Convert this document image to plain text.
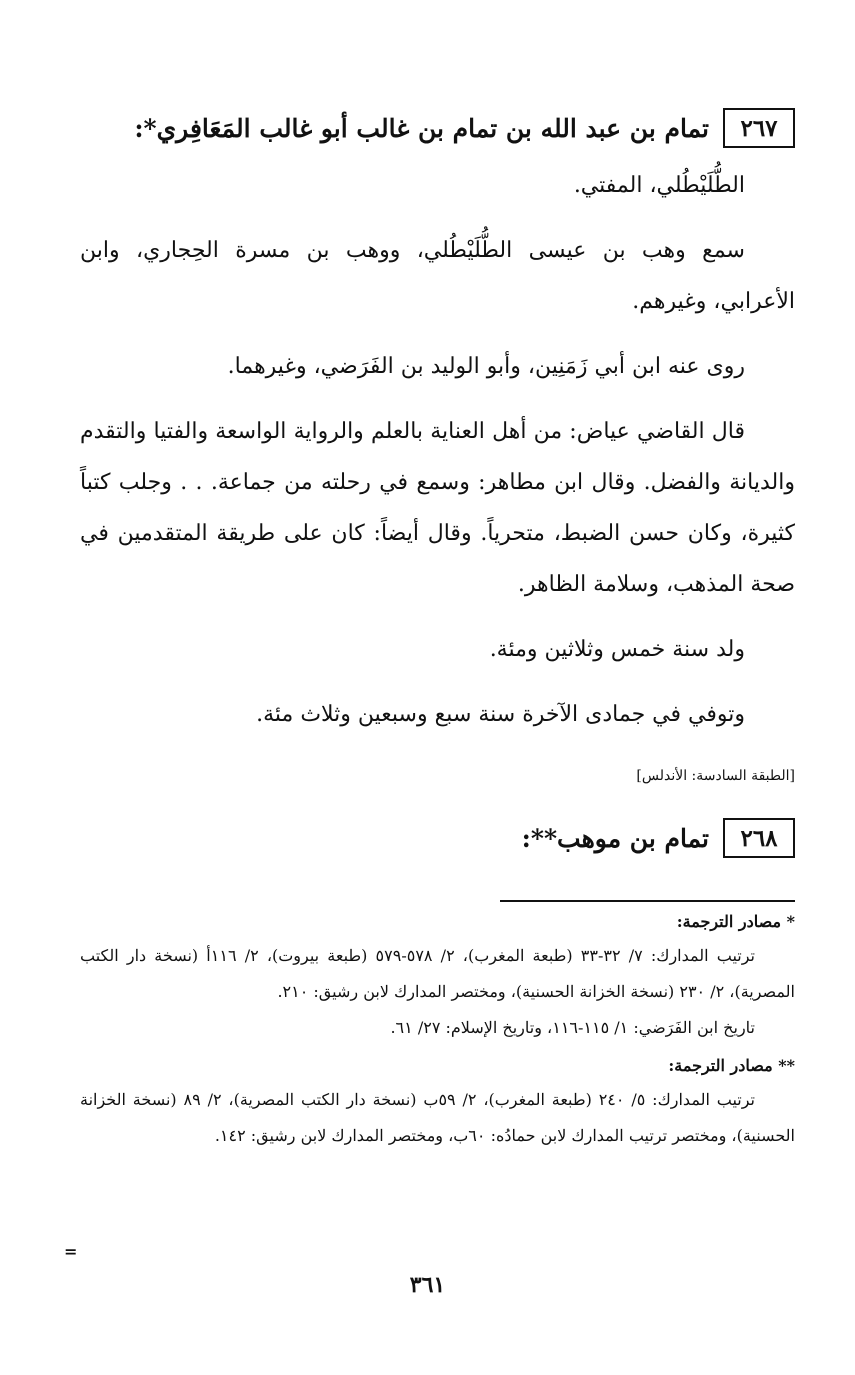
٢٦٧
تمام بن عبد الله بن تمام بن غالب أبو غالب المَعَافِري*:

الطُّلَيْطُلي، المفتي.

سمع وهب بن عيسى الطُّلَيْطُلي، ووهب بن مسرة الحِجاري، وابن الأعرابي، وغيرهم.

روى عنه ابن أبي زَمَنِين، وأبو الوليد بن الفَرَضي، وغيرهما.

قال القاضي عياض: من أهل العناية بالعلم والرواية الواسعة والفتيا والتقدم والديانة والفضل. وقال ابن مطاهر: وسمع في رحلته من جماعة. . . وجلب كتباً كثيرة، وكان حسن الضبط، متحرياً. وقال أيضاً: كان على طريقة المتقدمين في صحة المذهب، وسلامة الظاهر.

ولد سنة خمس وثلاثين ومئة.

وتوفي في جمادى الآخرة سنة سبع وسبعين وثلاث مئة.

[الطبقة السادسة: الأندلس]
٢٦٨
تمام بن موهب**:

* مصادر الترجمة:

ترتيب المدارك: ٧/ ٣٢-٣٣ (طبعة المغرب)، ٢/ ٥٧٨-٥٧٩ (طبعة بيروت)، ٢/ ١١٦أ (نسخة دار الكتب المصرية)، ٢/ ٢٣٠ (نسخة الخزانة الحسنية)، ومختصر المدارك لابن رشيق: ٢١٠.

تاريخ ابن الفَرَضي: ١/ ١١٥-١١٦، وتاريخ الإسلام: ٢٧/ ٦١.

** مصادر الترجمة:

ترتيب المدارك: ٥/ ٢٤٠ (طبعة المغرب)، ٢/ ٥٩ب (نسخة دار الكتب المصرية)، ٢/ ٨٩ (نسخة الخزانة الحسنية)، ومختصر ترتيب المدارك لابن حمادُه: ٦٠ب، ومختصر المدارك لابن رشيق: ١٤٢.

=
٣٦١
